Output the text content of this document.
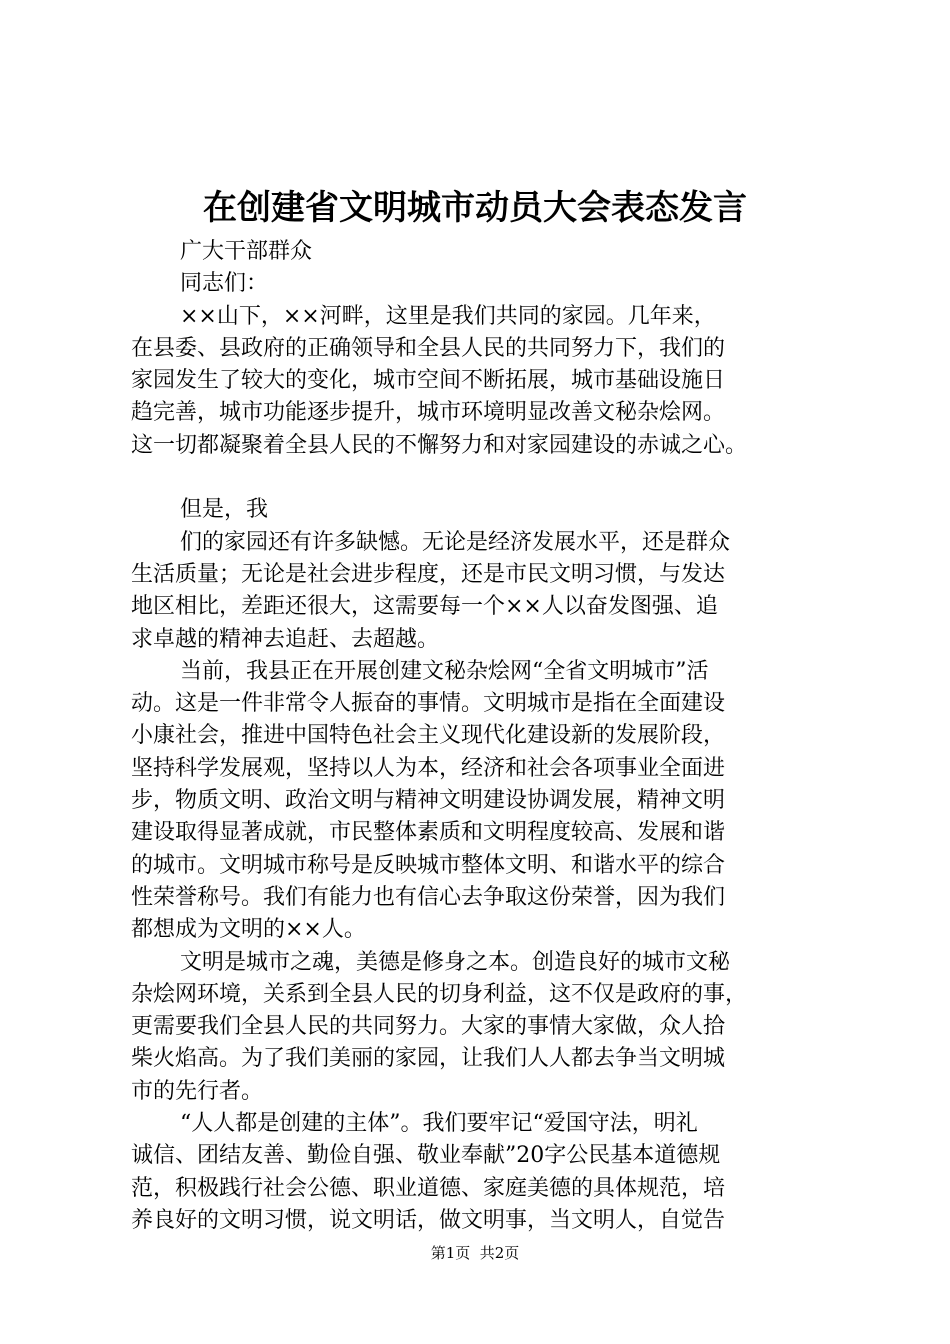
在创建省文明城市动员大会表态发言
广大干部群众
同志们：
××山下，××河畔，这里是我们共同的家园。几年来，
在县委、县政府的正确领导和全县人民的共同努力下，我们的
家园发生了较大的变化，城市空间不断拓展，城市基础设施日
趋完善，城市功能逐步提升，城市环境明显改善文秘杂烩网。
这一切都凝聚着全县人民的不懈努力和对家园建设的赤诚之心。
但是，我
们的家园还有许多缺憾。无论是经济发展水平，还是群众
生活质量；无论是社会进步程度，还是市民文明习惯，与发达
地区相比，差距还很大，这需要每一个××人以奋发图强、追
求卓越的精神去追赶、去超越。
当前，我县正在开展创建文秘杂烩网“全省文明城市”活
动。这是一件非常令人振奋的事情。文明城市是指在全面建设
小康社会，推进中国特色社会主义现代化建设新的发展阶段，
坚持科学发展观，坚持以人为本，经济和社会各项事业全面进
步，物质文明、政治文明与精神文明建设协调发展，精神文明
建设取得显著成就，市民整体素质和文明程度较高、发展和谐
的城市。文明城市称号是反映城市整体文明、和谐水平的综合
性荣誉称号。我们有能力也有信心去争取这份荣誉，因为我们
都想成为文明的××人。
文明是城市之魂，美德是修身之本。创造良好的城市文秘
杂烩网环境，关系到全县人民的切身利益，这不仅是政府的事，
更需要我们全县人民的共同努力。大家的事情大家做，众人拾
柴火焰高。为了我们美丽的家园，让我们人人都去争当文明城
市的先行者。
“人人都是创建的主体”。我们要牢记“爱国守法，明礼
诚信、团结友善、勤俭自强、敬业奉献”20字公民基本道德规
范，积极践行社会公德、职业道德、家庭美德的具体规范，培
养良好的文明习惯，说文明话，做文明事，当文明人，自觉告
第1页  共2页
